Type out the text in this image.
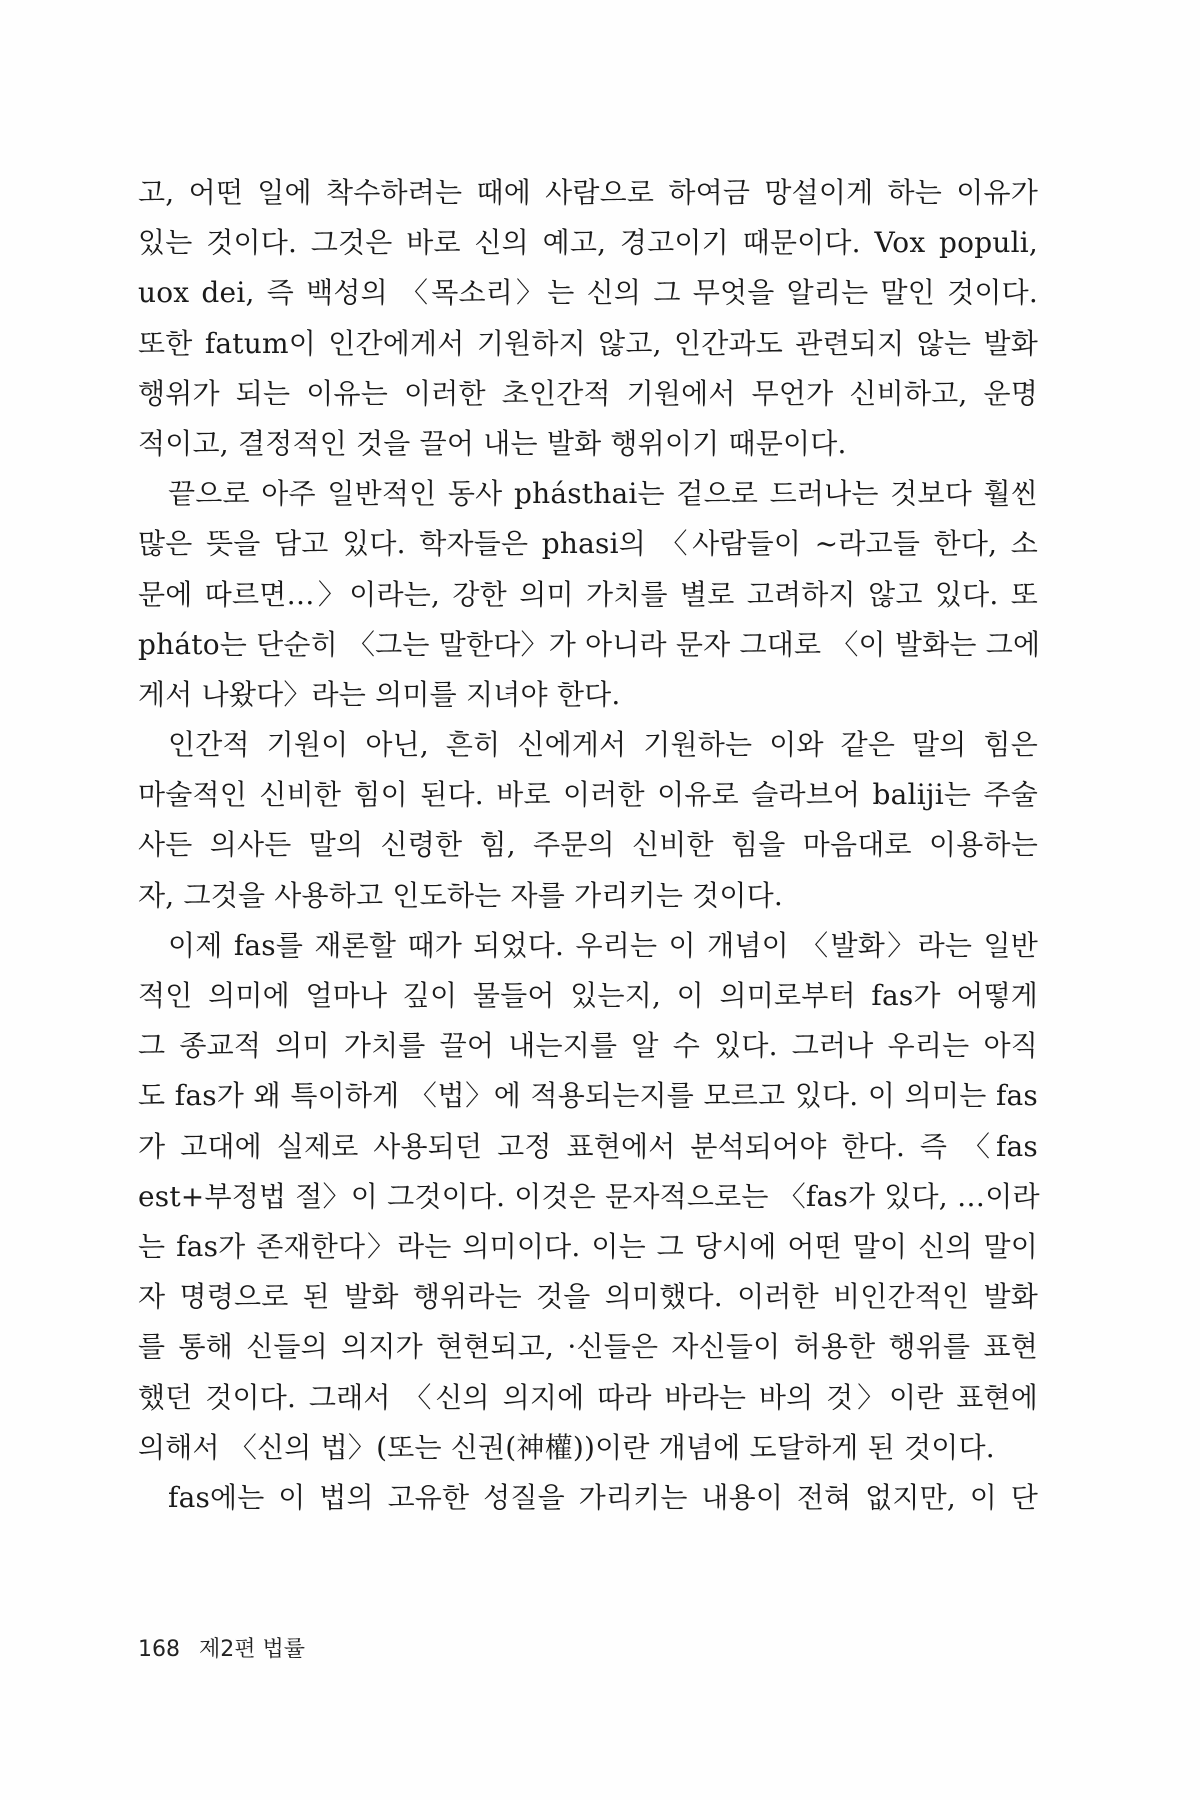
고, 어떤 일에 착수하려는 때에 사람으로 하여금 망설이게 하는 이유가
있는 것이다. 그것은 바로 신의 예고, 경고이기 때문이다. Vox populi,
uox dei, 즉 백성의 〈목소리〉는 신의 그 무엇을 알리는 말인 것이다.
또한 fatum이 인간에게서 기원하지 않고, 인간과도 관련되지 않는 발화
행위가 되는 이유는 이러한 초인간적 기원에서 무언가 신비하고, 운명
적이고, 결정적인 것을 끌어 내는 발화 행위이기 때문이다.
끝으로 아주 일반적인 동사 phásthai는 겉으로 드러나는 것보다 훨씬
많은 뜻을 담고 있다. 학자들은 phasi의 〈사람들이 ~라고들 한다, 소
문에 따르면…〉이라는, 강한 의미 가치를 별로 고려하지 않고 있다. 또
pháto는 단순히 〈그는 말한다〉가 아니라 문자 그대로 〈이 발화는 그에
게서 나왔다〉라는 의미를 지녀야 한다.
인간적 기원이 아닌, 흔히 신에게서 기원하는 이와 같은 말의 힘은
마술적인 신비한 힘이 된다. 바로 이러한 이유로 슬라브어 baliji는 주술
사든 의사든 말의 신령한 힘, 주문의 신비한 힘을 마음대로 이용하는
자, 그것을 사용하고 인도하는 자를 가리키는 것이다.
이제 fas를 재론할 때가 되었다. 우리는 이 개념이 〈발화〉라는 일반
적인 의미에 얼마나 깊이 물들어 있는지, 이 의미로부터 fas가 어떻게
그 종교적 의미 가치를 끌어 내는지를 알 수 있다. 그러나 우리는 아직
도 fas가 왜 특이하게 〈법〉에 적용되는지를 모르고 있다. 이 의미는 fas
가 고대에 실제로 사용되던 고정 표현에서 분석되어야 한다. 즉 〈fas
est+부정법 절〉이 그것이다. 이것은 문자적으로는 〈fas가 있다, …이라
는 fas가 존재한다〉라는 의미이다. 이는 그 당시에 어떤 말이 신의 말이
자 명령으로 된 발화 행위라는 것을 의미했다. 이러한 비인간적인 발화
를 통해 신들의 의지가 현현되고, ·신들은 자신들이 허용한 행위를 표현
했던 것이다. 그래서 〈신의 의지에 따라 바라는 바의 것〉이란 표현에
의해서 〈신의 법〉(또는 신권(神權))이란 개념에 도달하게 된 것이다.
fas에는 이 법의 고유한 성질을 가리키는 내용이 전혀 없지만, 이 단
168 제2편 법률
